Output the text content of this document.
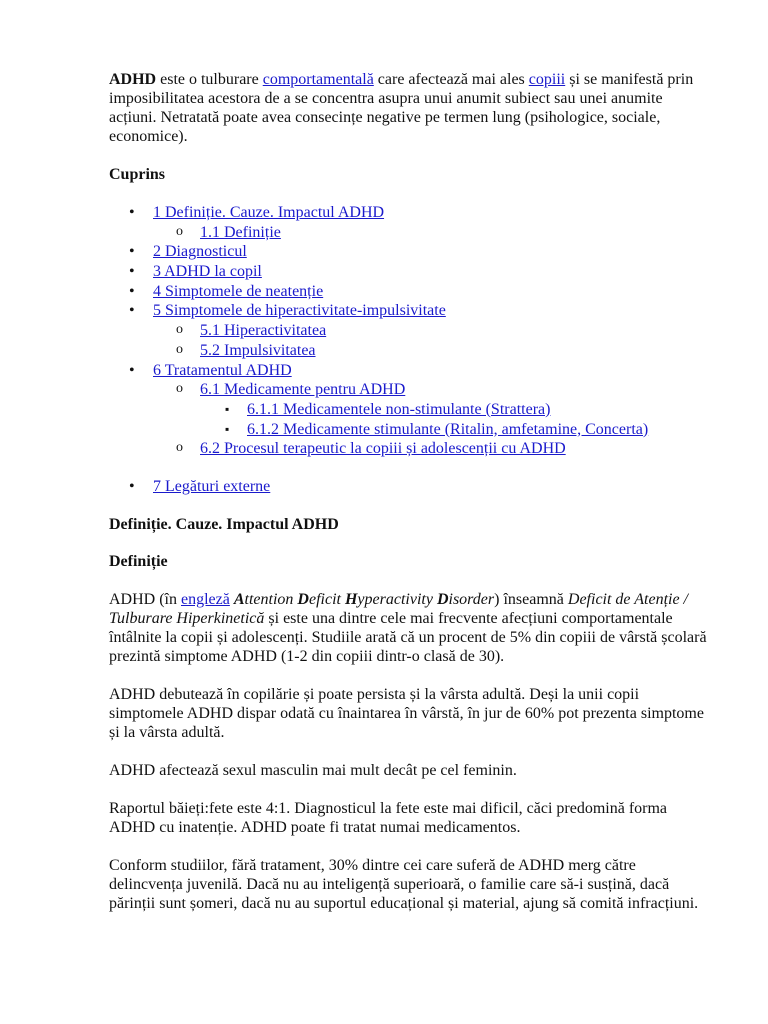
ADHD este o tulburare comportamentală care afectează mai ales copiii și se manifestă prin imposibilitatea acestora de a se concentra asupra unui anumit subiect sau unei anumite acțiuni. Netratată poate avea consecințe negative pe termen lung (psihologice, sociale, economice).

Cuprins

• 1 Definiție. Cauze. Impactul ADHD
o 1.1 Definiție
• 2 Diagnosticul
• 3 ADHD la copil
• 4 Simptomele de neatenție
• 5 Simptomele de hiperactivitate-impulsivitate
o 5.1 Hiperactivitatea
o 5.2 Impulsivitatea
• 6 Tratamentul ADHD
o 6.1 Medicamente pentru ADHD
▪ 6.1.1 Medicamentele non-stimulante (Strattera)
▪ 6.1.2 Medicamente stimulante (Ritalin, amfetamine, Concerta)
o 6.2 Procesul terapeutic la copiii și adolescenții cu ADHD
• 7 Legături externe

Definiție. Cauze. Impactul ADHD

Definiție

ADHD (în engleză Attention Deficit Hyperactivity Disorder) înseamnă Deficit de Atenție / Tulburare Hiperkinetică și este una dintre cele mai frecvente afecțiuni comportamentale întâlnite la copii și adolescenți. Studiile arată că un procent de 5% din copiii de vârstă școlară prezintă simptome ADHD (1-2 din copiii dintr-o clasă de 30).

ADHD debutează în copilărie și poate persista și la vârsta adultă. Deși la unii copii simptomele ADHD dispar odată cu înaintarea în vârstă, în jur de 60% pot prezenta simptome și la vârsta adultă.

ADHD afectează sexul masculin mai mult decât pe cel feminin.

Raportul băieți:fete este 4:1. Diagnosticul la fete este mai dificil, căci predomină forma ADHD cu inatenție. ADHD poate fi tratat numai medicamentos.

Conform studiilor, fără tratament, 30% dintre cei care suferă de ADHD merg către delincvența juvenilă. Dacă nu au inteligență superioară, o familie care să-i susțină, dacă părinții sunt șomeri, dacă nu au suportul educațional și material, ajung să comită infracțiuni.
